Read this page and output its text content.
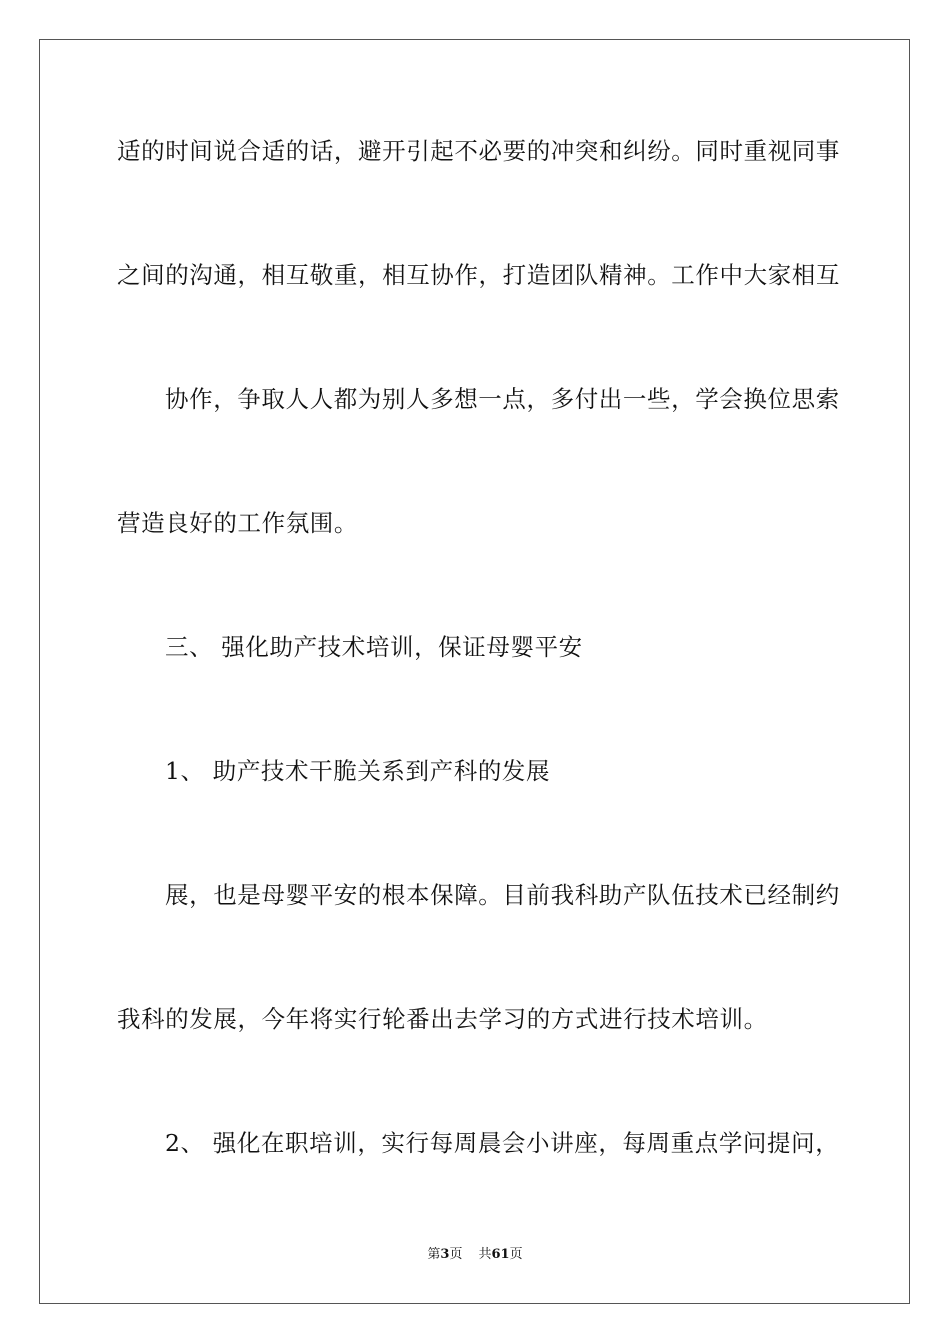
适的时间说合适的话，避开引起不必要的冲突和纠纷。同时重视同事
之间的沟通，相互敬重，相互协作，打造团队精神。工作中大家相互
协作，争取人人都为别人多想一点，多付出一些，学会换位思索
营造良好的工作氛围。
三、 强化助产技术培训，保证母婴平安
1、 助产技术干脆关系到产科的发展
展，也是母婴平安的根本保障。目前我科助产队伍技术已经制约
我科的发展，今年将实行轮番出去学习的方式进行技术培训。
2、 强化在职培训，实行每周晨会小讲座，每周重点学问提问，
第3页 共61页
